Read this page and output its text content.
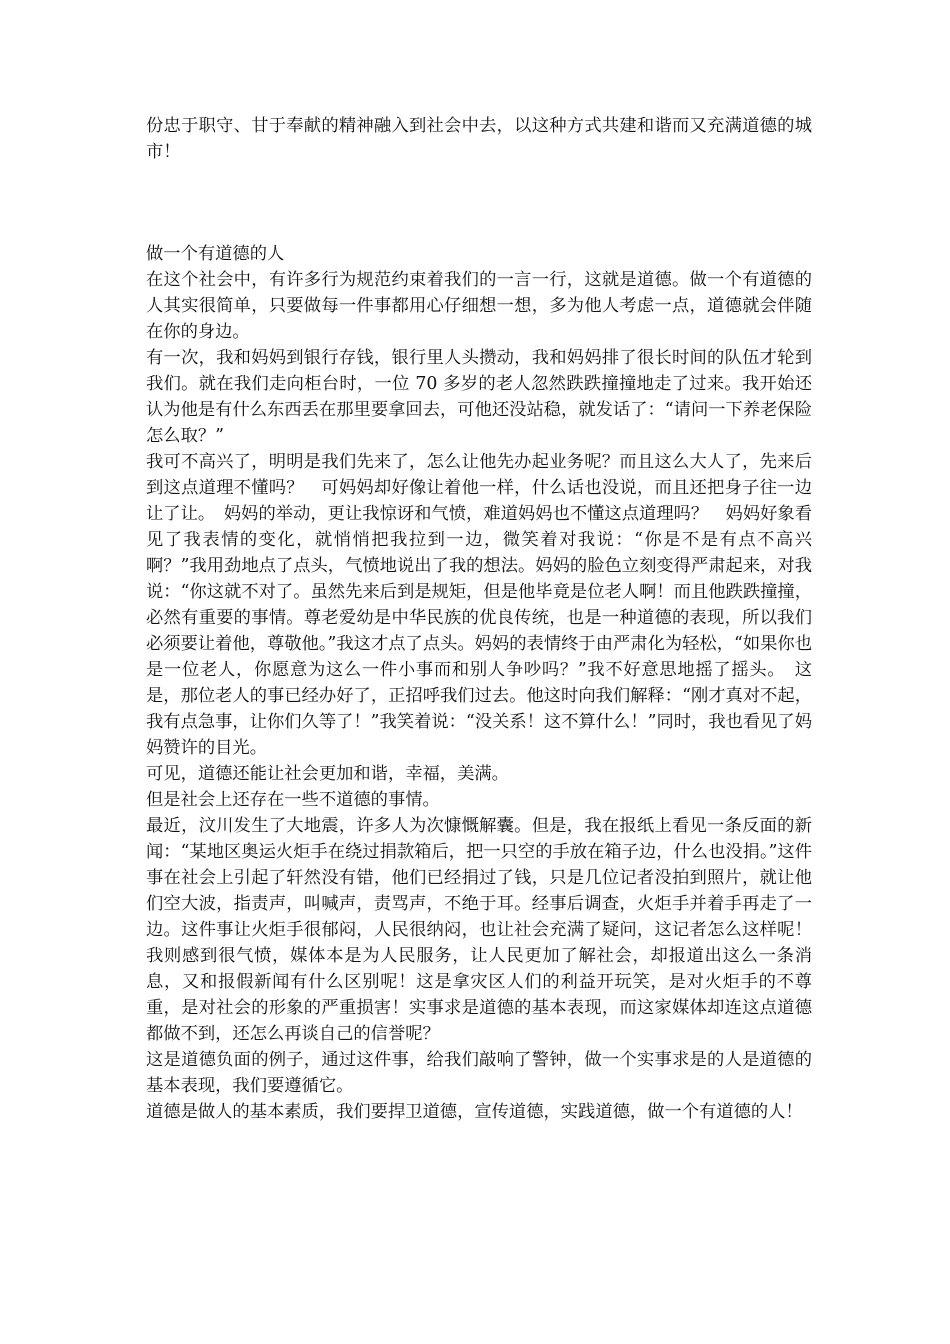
份忠于职守、甘于奉献的精神融入到社会中去，以这种方式共建和谐而又充满道德的城市！

做一个有道德的人

在这个社会中，有许多行为规范约束着我们的一言一行，这就是道德。做一个有道德的人其实很简单，只要做每一件事都用心仔细想一想，多为他人考虑一点，道德就会伴随在你的身边。

有一次，我和妈妈到银行存钱，银行里人头攒动，我和妈妈排了很长时间的队伍才轮到我们。就在我们走向柜台时，一位 70 多岁的老人忽然跌跌撞撞地走了过来。我开始还认为他是有什么东西丢在那里要拿回去，可他还没站稳，就发话了：“请问一下养老保险怎么取？”

我可不高兴了，明明是我们先来了，怎么让他先办起业务呢？而且这么大人了，先来后到这点道理不懂吗？　可妈妈却好像让着他一样，什么话也没说，而且还把身子往一边让了让。　妈妈的举动，更让我惊讶和气愤，难道妈妈也不懂这点道理吗？　妈妈好象看见了我表情的变化，就悄悄把我拉到一边，微笑着对我说：“你是不是有点不高兴啊？”我用劲地点了点头，气愤地说出了我的想法。妈妈的脸色立刻变得严肃起来，对我说：“你这就不对了。虽然先来后到是规矩，但是他毕竟是位老人啊！而且他跌跌撞撞，必然有重要的事情。尊老爱幼是中华民族的优良传统，也是一种道德的表现，所以我们必须要让着他，尊敬他。”我这才点了点头。妈妈的表情终于由严肃化为轻松，“如果你也是一位老人，你愿意为这么一件小事而和别人争吵吗？”我不好意思地摇了摇头。　这是，那位老人的事已经办好了，正招呼我们过去。他这时向我们解释：“刚才真对不起，我有点急事，让你们久等了！”我笑着说：“没关系！这不算什么！”同时，我也看见了妈妈赞许的目光。

可见，道德还能让社会更加和谐，幸福，美满。

但是社会上还存在一些不道德的事情。

最近，汶川发生了大地震，许多人为次慷慨解囊。但是，我在报纸上看见一条反面的新闻：“某地区奥运火炬手在绕过捐款箱后，把一只空的手放在箱子边，什么也没捐。”这件事在社会上引起了轩然没有错，他们已经捐过了钱，只是几位记者没拍到照片，就让他们空大波，指责声，叫喊声，责骂声，不绝于耳。经事后调查，火炬手并着手再走了一边。这件事让火炬手很郁闷，人民很纳闷，也让社会充满了疑问，这记者怎么这样呢！我则感到很气愤，媒体本是为人民服务，让人民更加了解社会，却报道出这么一条消息，又和报假新闻有什么区别呢！这是拿灾区人们的利益开玩笑，是对火炬手的不尊重，是对社会的形象的严重损害！实事求是道德的基本表现，而这家媒体却连这点道德都做不到，还怎么再谈自己的信誉呢？

这是道德负面的例子，通过这件事，给我们敲响了警钟，做一个实事求是的人是道德的基本表现，我们要遵循它。

道德是做人的基本素质，我们要捍卫道德，宣传道德，实践道德，做一个有道德的人！
